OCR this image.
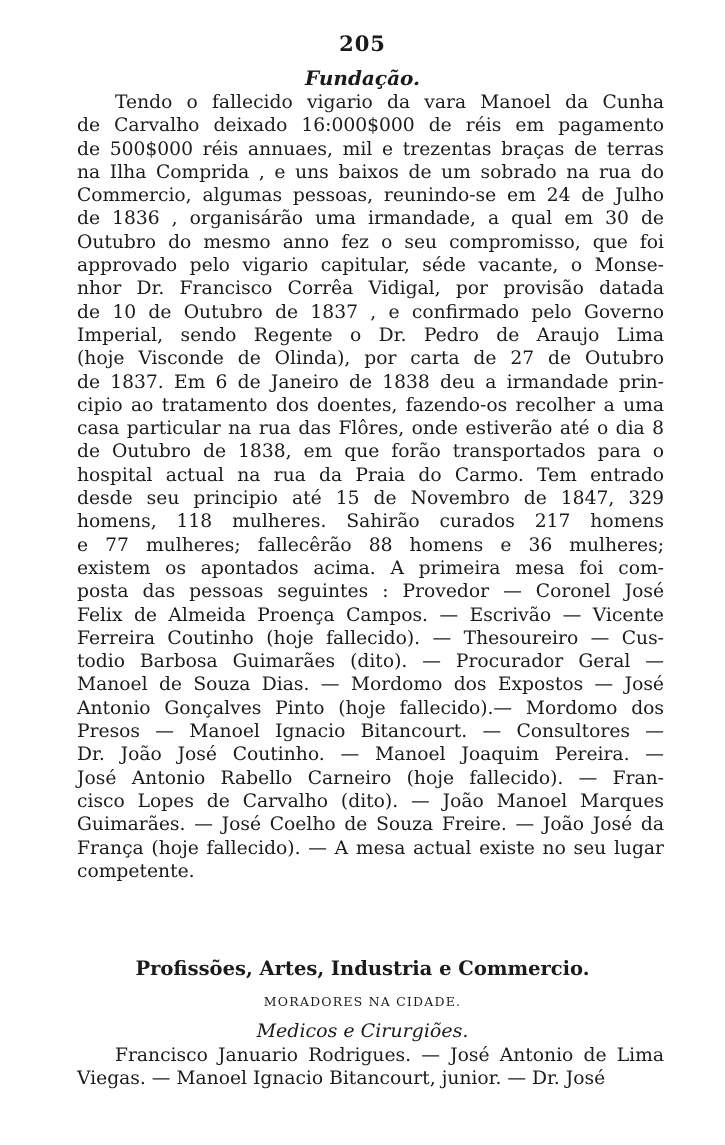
205
Fundação.

Tendo o fallecido vigario da vara Manoel da Cunha
de Carvalho deixado 16:000$000 de réis em pagamento
de 500$000 réis annuaes, mil e trezentas braças de terras
na Ilha Comprida , e uns baixos de um sobrado na rua do
Commercio, algumas pessoas, reunindo-se em 24 de Julho
de 1836 , organisárão uma irmandade, a qual em 30 de
Outubro do mesmo anno fez o seu compromisso, que foi
approvado pelo vigario capitular, séde vacante, o Monse-
nhor Dr. Francisco Corrêa Vidigal, por provisão datada
de 10 de Outubro de 1837 , e confirmado pelo Governo
Imperial, sendo Regente o Dr. Pedro de Araujo Lima
(hoje Visconde de Olinda), por carta de 27 de Outubro
de 1837. Em 6 de Janeiro de 1838 deu a irmandade prin-
cipio ao tratamento dos doentes, fazendo-os recolher a uma
casa particular na rua das Flôres, onde estiverão até o dia 8
de Outubro de 1838, em que forão transportados para o
hospital actual na rua da Praia do Carmo. Tem entrado
desde seu principio até 15 de Novembro de 1847, 329
homens, 118 mulheres. Sahirão curados 217 homens
e 77 mulheres; fallecêrão 88 homens e 36 mulheres;
existem os apontados acima. A primeira mesa foi com-
posta das pessoas seguintes : Provedor — Coronel José
Felix de Almeida Proença Campos. — Escrivão — Vicente
Ferreira Coutinho (hoje fallecido). — Thesoureiro — Cus-
todio Barbosa Guimarães (dito). — Procurador Geral —
Manoel de Souza Dias. — Mordomo dos Expostos — José
Antonio Gonçalves Pinto (hoje fallecido).— Mordomo dos
Presos — Manoel Ignacio Bitancourt. — Consultores —
Dr. João José Coutinho. — Manoel Joaquim Pereira. —
José Antonio Rabello Carneiro (hoje fallecido). — Fran-
cisco Lopes de Carvalho (dito). — João Manoel Marques
Guimarães. — José Coelho de Souza Freire. — João José da
França (hoje fallecido). — A mesa actual existe no seu lugar
competente.

Profissões, Artes, Industria e Commercio.
MORADORES NA CIDADE.
Medicos e Cirurgiões.

Francisco Januario Rodrigues. — José Antonio de Lima
Viegas. — Manoel Ignacio Bitancourt, junior. — Dr. José
